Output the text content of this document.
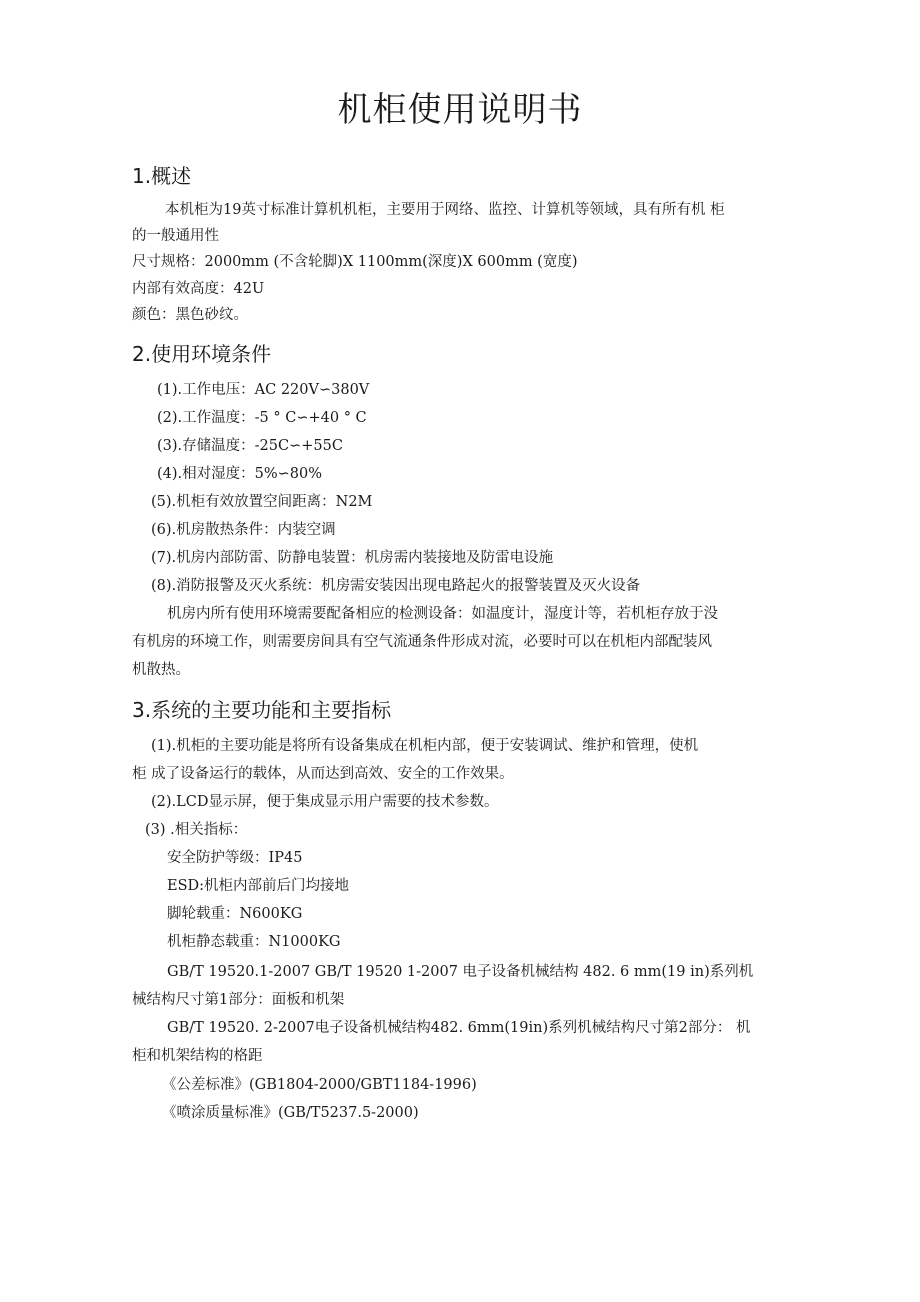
机柜使用说明书
1.概述

本机柜为19英寸标准计算机机柜，主要用于网络、监控、计算机等领域，具有所有机 柜

的一般通用性

尺寸规格：2000mm (不含轮脚)X 1100mm(深度)X 600mm (宽度)

内部有效高度：42U

颜色：黑色砂纹。

2.使用环境条件

(1).工作电压：AC 220V∽380V

(2).工作温度：-5 ° C∽+40 ° C

(3).存储温度：-25C∽+55C

(4).相对湿度：5%∽80%

(5).机柜有效放置空间距离：N2M

(6).机房散热条件：内装空调

(7).机房内部防雷、防静电装置：机房需内装接地及防雷电设施

(8).消防报警及灭火系统：机房需安装因出现电路起火的报警装置及灭火设备

机房内所有使用环境需要配备相应的检测设备：如温度计，湿度计等，若机柜存放于没

有机房的环境工作，则需要房间具有空气流通条件形成对流，必要时可以在机柜内部配装风

机散热。

3.系统的主要功能和主要指标

(1).机柜的主要功能是将所有设备集成在机柜内部，便于安装调试、维护和管理，使机

柜 成了设备运行的载体，从而达到高效、安全的工作效果。

(2).LCD显示屏，便于集成显示用户需要的技术参数。

(3) .相关指标：

安全防护等级：IP45

ESD:机柜内部前后门均接地

脚轮载重：N600KG

机柜静态载重：N1000KG

GB/T 19520.1-2007 GB/T 19520 1-2007 电子设备机械结构 482. 6 mm(19 in)系列机

械结构尺寸第1部分：面板和机架

GB/T 19520. 2-2007电子设备机械结构482. 6mm(19in)系列机械结构尺寸第2部分： 机

柜和机架结构的格距

《公差标准》(GB1804-2000/GBT1184-1996)

《喷涂质量标准》(GB/T5237.5-2000)
